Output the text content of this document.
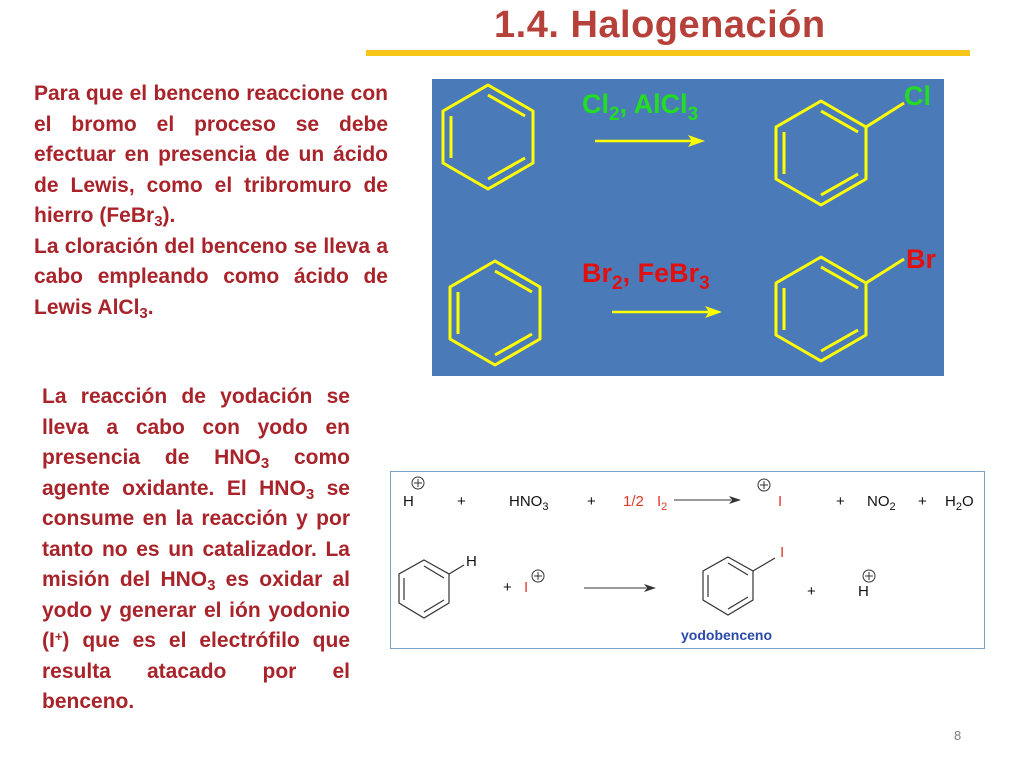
1.4. Halogenación

Para que el benceno reaccione con el bromo el proceso se debe efectuar en presencia de un ácido de Lewis, como el tribromuro de hierro (FeBr$_3$).
La cloración del benceno se lleva a cabo empleando como ácido de Lewis AlCl$_3$.

$Cl_2$, AlCl$_3$
Cl
$Br_2$, FeBr$_3$
Br

La reacción de yodación se lleva a cabo con yodo en presencia de $HNO_3$ como agente oxidante. El $HNO_3$ se consume en la reacción y por tanto no es un catalizador. La misión del $HNO_3$ es oxidar al yodo y generar el ión yodonio (I+) que es el electrófilo que resulta atacado por el benceno.

H	+	$HNO_3$	+ 1/2 $I_2$	I	+ $NO_2 + H_2O$
H
+ I
I
+	H
yodobenceno
8
